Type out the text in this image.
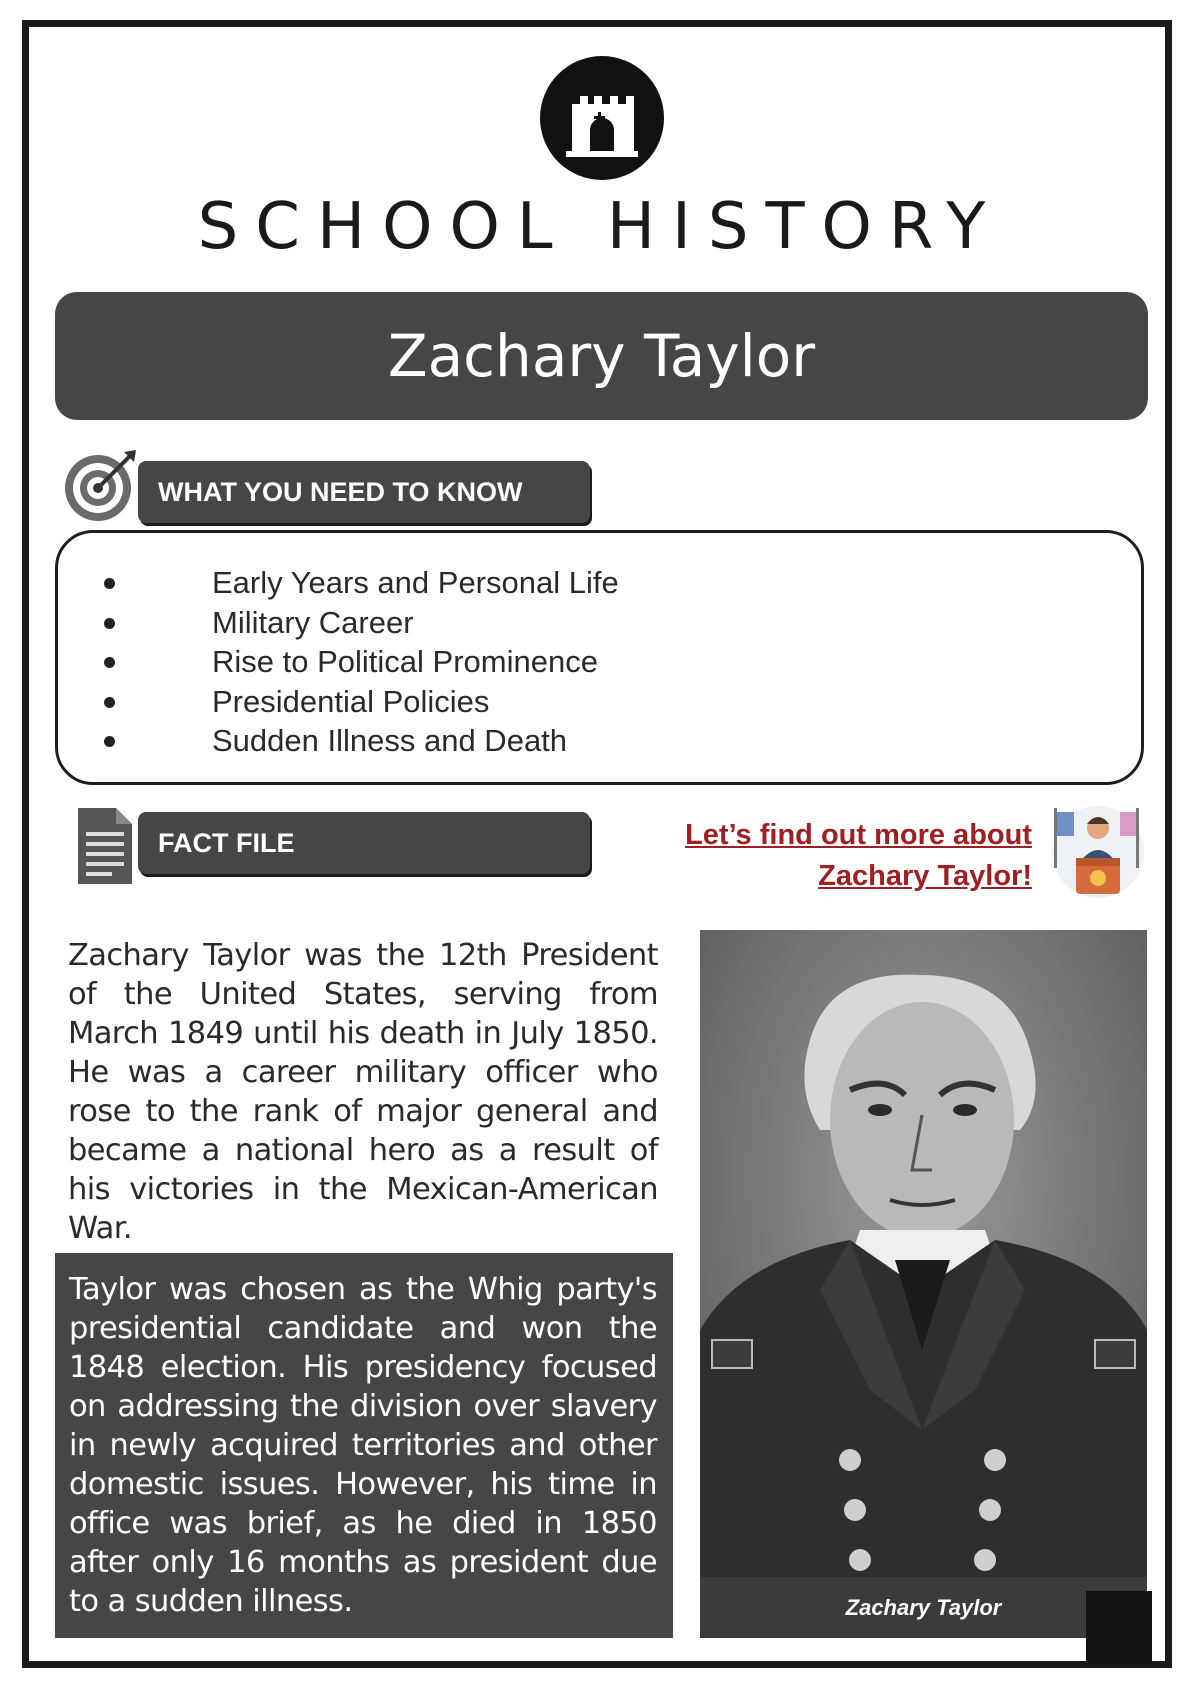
SCHOOL HISTORY
Zachary Taylor
WHAT YOU NEED TO KNOW
Early Years and Personal Life
Military Career
Rise to Political Prominence
Presidential Policies
Sudden Illness and Death
FACT FILE	Let’s find out more about
Zachary Taylor!

Zachary Taylor was the 12th President of the United States, serving from March 1849 until his death in July 1850. He was a career military officer who rose to the rank of major general and became a national hero as a result of his victories in the Mexican-American War.

Taylor was chosen as the Whig party's presidential candidate and won the 1848 election. His presidency focused on addressing the division over slavery in newly acquired territories and other domestic issues. However, his time in office was brief, as he died in 1850 after only 16 months as president due to a sudden illness.	Zachary Taylor
